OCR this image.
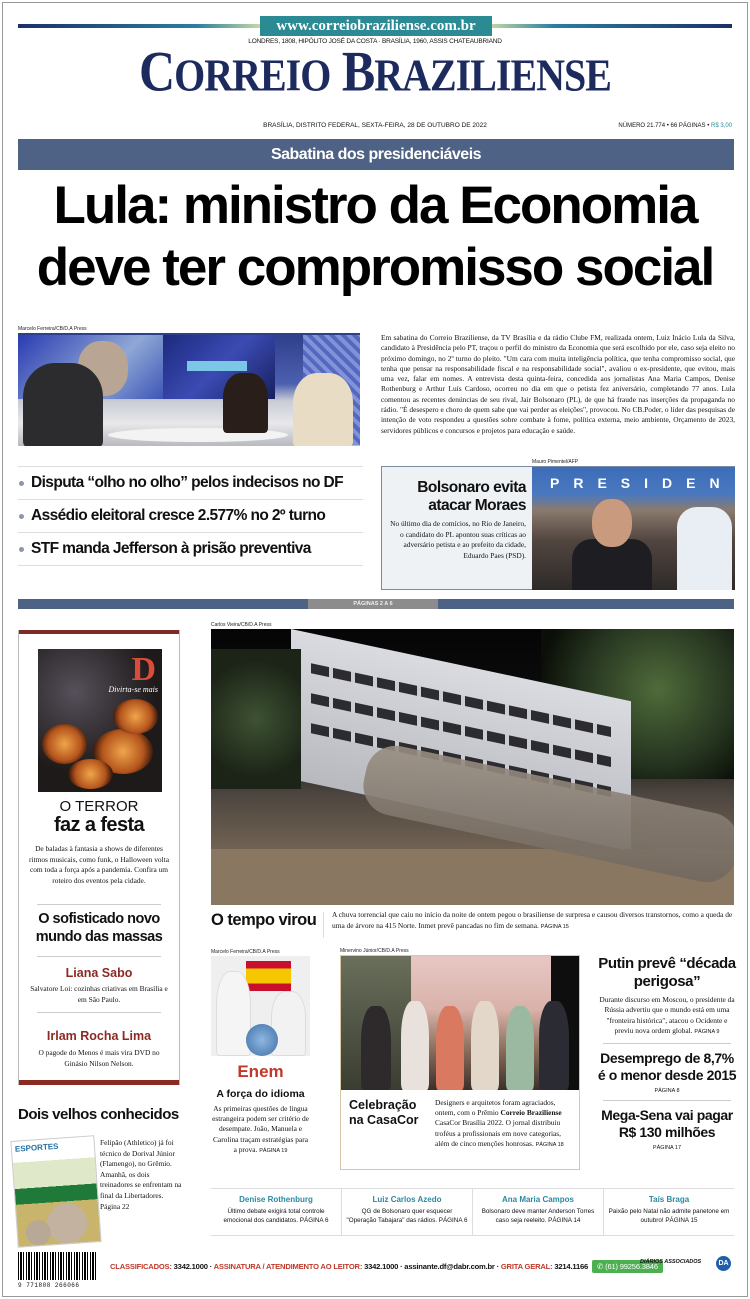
www.correiobraziliense.com.br
LONDRES, 1808, HIPÓLITO JOSÉ DA COSTA · BRASÍLIA, 1960, ASSIS CHATEAUBRIAND
CORREIO BRAZILIENSE
BRASÍLIA, DISTRITO FEDERAL, SEXTA-FEIRA, 28 DE OUTUBRO DE 2022	NÚMERO 21.774 • 66 PÁGINAS • R$ 3,00
Sabatina dos presidenciáveis
Lula: ministro da Economia
deve ter compromisso social
Marcelo Ferreira/CB/D.A Press
Em sabatina do Correio Braziliense, da TV Brasília e da rádio Clube FM, realizada ontem, Luiz Inácio Lula da Silva, candidato à Presidência pelo PT, traçou o perfil do ministro da Economia que será escolhido por ele, caso seja eleito no próximo domingo, no 2º turno do pleito. "Um cara com muita inteligência política, que tenha compromisso social, que tenha que pensar na responsabilidade fiscal e na responsabilidade social", avaliou o ex-presidente, que evitou, mais uma vez, falar em nomes. A entrevista desta quinta-feira, concedida aos jornalistas Ana Maria Campos, Denise Rothenburg e Arthur Luís Cardoso, ocorreu no dia em que o petista fez aniversário, completando 77 anos. Lula comentou as recentes denúncias de seu rival, Jair Bolsonaro (PL), de que há fraude nas inserções da propaganda no rádio. "É desespero e choro de quem sabe que vai perder as eleições", provocou. No CB.Poder, o líder das pesquisas de intenção de voto respondeu a questões sobre combate à fome, política externa, meio ambiente, Orçamento de 2023, servidores públicos e concursos e projetos para educação e saúde.
Disputa “olho no olho” pelos indecisos no DF
Assédio eleitoral cresce 2.577% no 2º turno
STF manda Jefferson à prisão preventiva
Mauro Pimentel/AFP
Bolsonaro evita atacar Moraes
No último dia de comícios, no Rio de Janeiro, o candidato do PL apontou suas críticas ao adversário petista e ao prefeito da cidade, Eduardo Paes (PSD).
PRESIDEN
PÁGINAS 2 A 6
D
Divirta-se mais
O TERROR
faz a festa
De baladas à fantasia a shows de diferentes ritmos musicais, como funk, o Halloween volta com toda a força após a pandemia. Confira um roteiro dos eventos pela cidade.
O sofisticado novo mundo das massas
Liana Sabo
Salvatore Loi: cozinhas criativas em Brasília e em São Paulo.
Irlam Rocha Lima
O pagode do Menos é mais vira DVD no Ginásio Nilson Nelson.
Carlos Vieira/CB/D.A Press
O tempo virou	A chuva torrencial que caiu no início da noite de ontem pegou o brasiliense de surpresa e causou diversos transtornos, como a queda de uma de árvore na 415 Norte. Inmet prevê pancadas no fim de semana. PÁGINA 15
Marcelo Ferreira/CB/D.A Press
Enem
A força do idioma
As primeiras questões de língua estrangeira podem ser critério de desempate. João, Manuela e Carolina traçam estratégias para a prova. PÁGINA 19
Minervino Júnior/CB/D.A Press
Celebração na CasaCor
Designers e arquitetos foram agraciados, ontem, com o Prêmio Correio Braziliense CasaCor Brasília 2022. O jornal distribuiu troféus a profissionais em nove categorias, além de cinco menções honrosas. PÁGINA 18
Putin prevê “década perigosa”
Durante discurso em Moscou, o presidente da Rússia advertiu que o mundo está em uma "fronteira histórica", atacou o Ocidente e previu nova ordem global. PÁGINA 9
Desemprego de 8,7% é o menor desde 2015
PÁGINA 8
Mega-Sena vai pagar R$ 130 milhões
PÁGINA 17
Dois velhos conhecidos
ESPORTES	Felipão (Athletico) já foi técnico de Dorival Júnior (Flamengo), no Grêmio. Amanhã, os dois treinadores se enfrentam na final da Libertadores. Página 22
Denise Rothenburg
Último debate exigirá total controle emocional dos candidatos. PÁGINA 6
Luiz Carlos Azedo
QG de Bolsonaro quer esquecer "Operação Tabajara" das rádios. PÁGINA 6
Ana Maria Campos
Bolsonaro deve manter Anderson Torres caso seja reeleito. PÁGINA 14
Taís Braga
Paixão pelo Natal não admite panetone em outubro! PÁGINA 15
9 771808 266066
CLASSIFICADOS: 3342.1000 · ASSINATURA / ATENDIMENTO AO LEITOR: 3342.1000 · assinante.df@dabr.com.br · GRITA GERAL: 3214.1166 ✆ (61) 99256.3846
DIÁRIOS ASSOCIADOS	DA
